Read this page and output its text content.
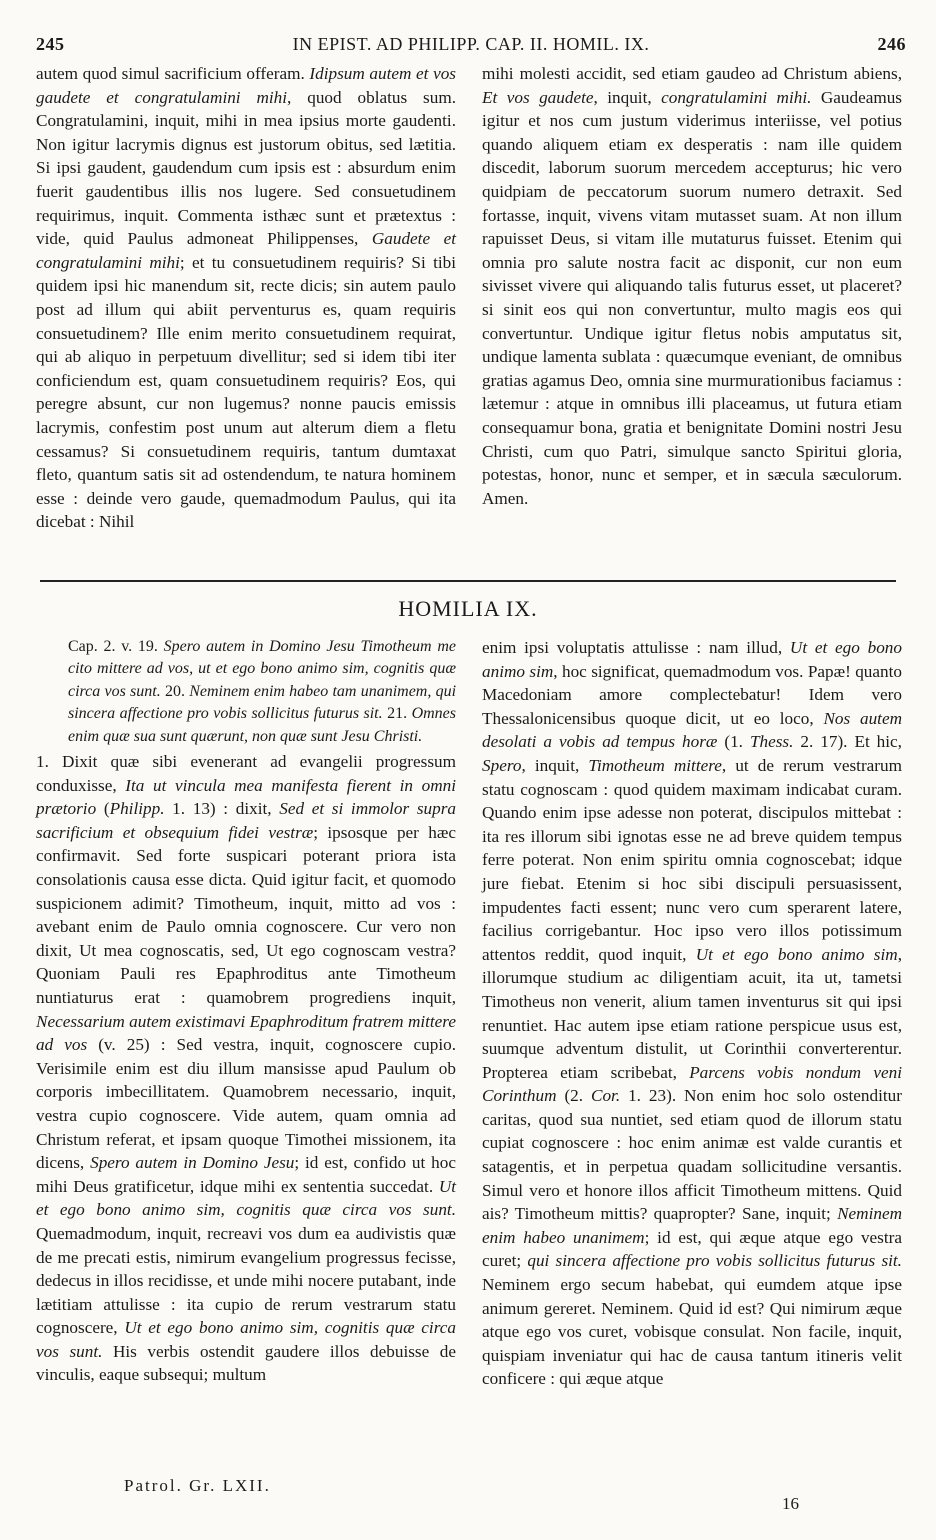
245	IN EPIST. AD PHILIPP. CAP. II. HOMIL. IX.	246

autem quod simul sacrificium offeram. Idipsum autem et vos gaudete et congratulamini mihi, quod oblatus sum. Congratulamini, inquit, mihi in mea ipsius morte gaudenti. Non igitur lacrymis dignus est justorum obitus, sed lætitia. Si ipsi gaudent, gaudendum cum ipsis est : absurdum enim fuerit gaudentibus illis nos lugere. Sed consuetudinem requirimus, inquit. Commenta isthæc sunt et prætextus : vide, quid Paulus admoneat Philippenses, Gaudete et congratulamini mihi; et tu consuetudinem requiris? Si tibi quidem ipsi hic manendum sit, recte dicis; sin autem paulo post ad illum qui abiit perventurus es, quam requiris consuetudinem? Ille enim merito consuetudinem requirat, qui ab aliquo in perpetuum divellitur; sed si idem tibi iter conficiendum est, quam consuetudinem requiris? Eos, qui peregre absunt, cur non lugemus? nonne paucis emissis lacrymis, confestim post unum aut alterum diem a fletu cessamus? Si consuetudinem requiris, tantum dumtaxat fleto, quantum satis sit ad ostendendum, te natura hominem esse : deinde vero gaude, quemadmodum Paulus, qui ita dicebat : Nihil

mihi molesti accidit, sed etiam gaudeo ad Christum abiens, Et vos gaudete, inquit, congratulamini mihi. Gaudeamus igitur et nos cum justum viderimus interiisse, vel potius quando aliquem etiam ex desperatis : nam ille quidem discedit, laborum suorum mercedem accepturus; hic vero quidpiam de peccatorum suorum numero detraxit. Sed fortasse, inquit, vivens vitam mutasset suam. At non illum rapuisset Deus, si vitam ille mutaturus fuisset. Etenim qui omnia pro salute nostra facit ac disponit, cur non eum sivisset vivere qui aliquando talis futurus esset, ut placeret? si sinit eos qui non convertuntur, multo magis eos qui convertuntur. Undique igitur fletus nobis amputatus sit, undique lamenta sublata : quæcumque eveniant, de omnibus gratias agamus Deo, omnia sine murmurationibus faciamus : lætemur : atque in omnibus illi placeamus, ut futura etiam consequamur bona, gratia et benignitate Domini nostri Jesu Christi, cum quo Patri, simulque sancto Spiritui gloria, potestas, honor, nunc et semper, et in sæcula sæculorum. Amen.

HOMILIA IX.

Cap. 2. v. 19. Spero autem in Domino Jesu Timotheum me cito mittere ad vos, ut et ego bono animo sim, cognitis quæ circa vos sunt. 20. Neminem enim habeo tam unanimem, qui sincera affectione pro vobis sollicitus futurus sit. 21. Omnes enim quæ sua sunt quærunt, non quæ sunt Jesu Christi.

1. Dixit quæ sibi evenerant ad evangelii progressum conduxisse, Ita ut vincula mea manifesta fierent in omni prætorio (Philipp. 1. 13) : dixit, Sed et si immolor supra sacrificium et obsequium fidei vestræ; ipsosque per hæc confirmavit. Sed forte suspicari poterant priora ista consolationis causa esse dicta. Quid igitur facit, et quomodo suspicionem adimit? Timotheum, inquit, mitto ad vos : avebant enim de Paulo omnia cognoscere. Cur vero non dixit, Ut mea cognoscatis, sed, Ut ego cognoscam vestra? Quoniam Pauli res Epaphroditus ante Timotheum nuntiaturus erat : quamobrem progrediens inquit, Necessarium autem existimavi Epaphroditum fratrem mittere ad vos (v. 25) : Sed vestra, inquit, cognoscere cupio. Verisimile enim est diu illum mansisse apud Paulum ob corporis imbecillitatem. Quamobrem necessario, inquit, vestra cupio cognoscere. Vide autem, quam omnia ad Christum referat, et ipsam quoque Timothei missionem, ita dicens, Spero autem in Domino Jesu; id est, confido ut hoc mihi Deus gratificetur, idque mihi ex sententia succedat. Ut et ego bono animo sim, cognitis quæ circa vos sunt. Quemadmodum, inquit, recreavi vos dum ea audivistis quæ de me precati estis, nimirum evangelium progressus fecisse, dedecus in illos recidisse, et unde mihi nocere putabant, inde lætitiam attulisse : ita cupio de rerum vestrarum statu cognoscere, Ut et ego bono animo sim, cognitis quæ circa vos sunt. His verbis ostendit gaudere illos debuisse de vinculis, eaque subsequi; multum

enim ipsi voluptatis attulisse : nam illud, Ut et ego bono animo sim, hoc significat, quemadmodum vos. Papæ! quanto Macedoniam amore complectebatur! Idem vero Thessalonicensibus quoque dicit, ut eo loco, Nos autem desolati a vobis ad tempus horæ (1. Thess. 2. 17). Et hic, Spero, inquit, Timotheum mittere, ut de rerum vestrarum statu cognoscam : quod quidem maximam indicabat curam. Quando enim ipse adesse non poterat, discipulos mittebat : ita res illorum sibi ignotas esse ne ad breve quidem tempus ferre poterat. Non enim spiritu omnia cognoscebat; idque jure fiebat. Etenim si hoc sibi discipuli persuasissent, impudentes facti essent; nunc vero cum sperarent latere, facilius corrigebantur. Hoc ipso vero illos potissimum attentos reddit, quod inquit, Ut et ego bono animo sim, illorumque studium ac diligentiam acuit, ita ut, tametsi Timotheus non venerit, alium tamen inventurus sit qui ipsi renuntiet. Hac autem ipse etiam ratione perspicue usus est, suumque adventum distulit, ut Corinthii converterentur. Propterea etiam scribebat, Parcens vobis nondum veni Corinthum (2. Cor. 1. 23). Non enim hoc solo ostenditur caritas, quod sua nuntiet, sed etiam quod de illorum statu cupiat cognoscere : hoc enim animæ est valde curantis et satagentis, et in perpetua quadam sollicitudine versantis. Simul vero et honore illos afficit Timotheum mittens. Quid ais? Timotheum mittis? quapropter? Sane, inquit; Neminem enim habeo unanimem; id est, qui æque atque ego vestra curet; qui sincera affectione pro vobis sollicitus futurus sit. Neminem ergo secum habebat, qui eumdem atque ipse animum gereret. Neminem. Quid id est? Qui nimirum æque atque ego vos curet, vobisque consulat. Non facile, inquit, quispiam inveniatur qui hac de causa tantum itineris velit conficere : qui æque atque

Patrol. Gr. LXII.
16
